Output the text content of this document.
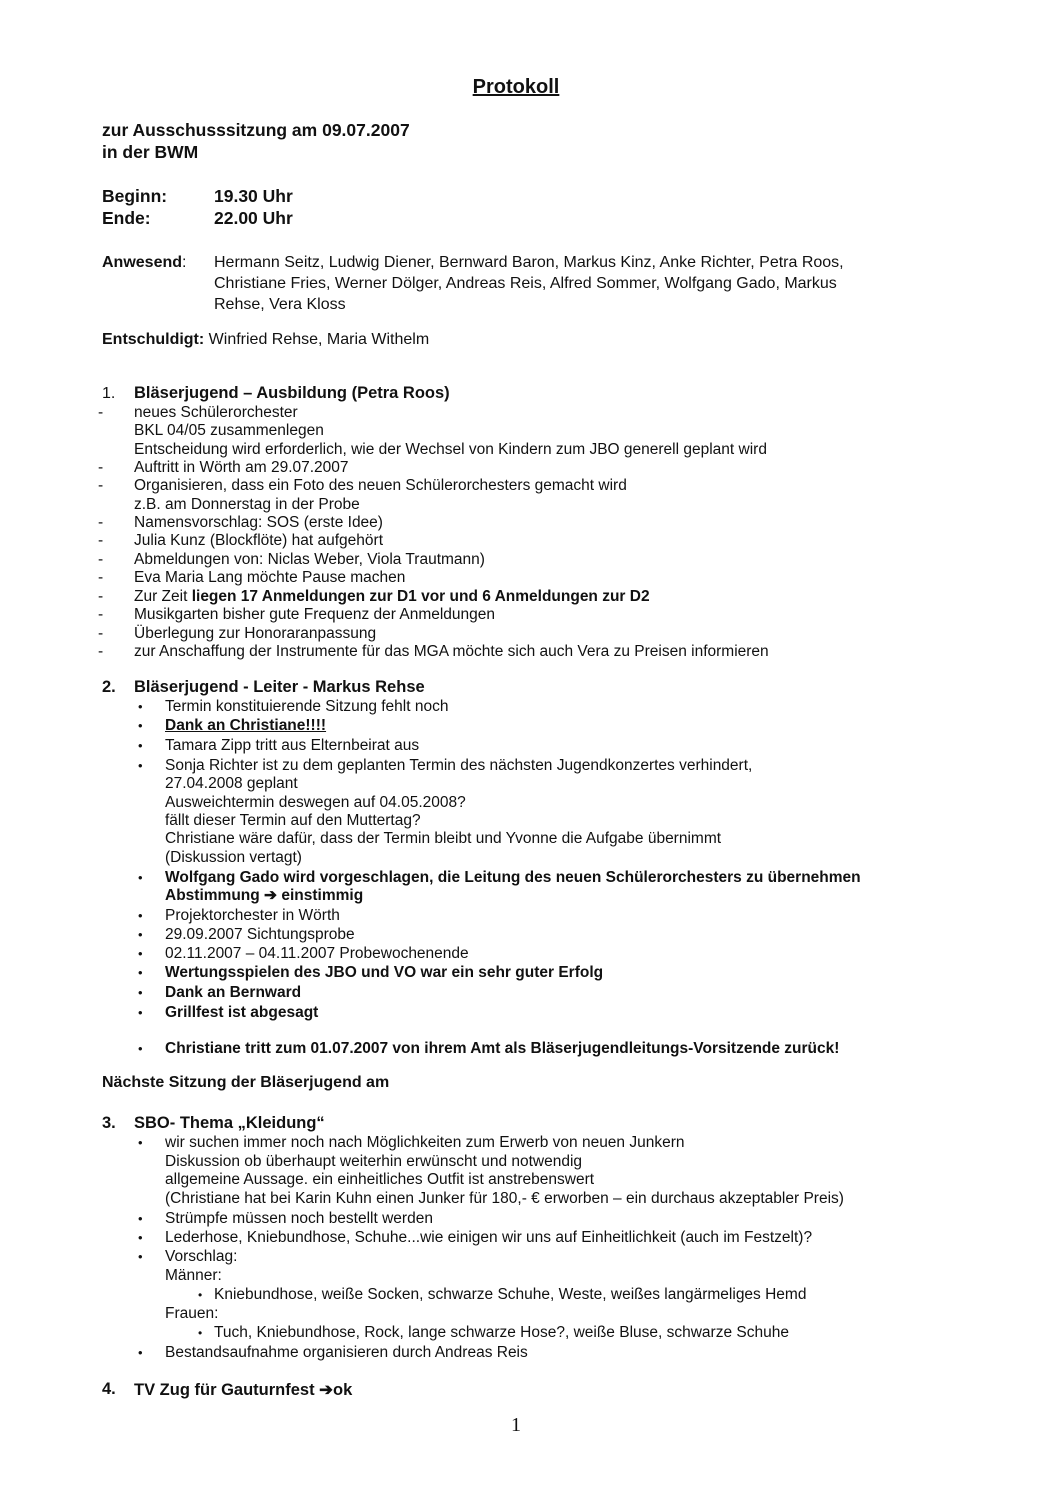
Protokoll
zur Ausschusssitzung am 09.07.2007
in der BWM
Beginn:	19.30 Uhr
Ende:	22.00 Uhr
Anwesend: Hermann Seitz, Ludwig Diener, Bernward Baron, Markus Kinz, Anke Richter, Petra Roos,
Christiane Fries, Werner Dölger, Andreas Reis, Alfred Sommer, Wolfgang Gado, Markus
Rehse, Vera Kloss
Entschuldigt: Winfried Rehse, Maria Withelm
1. Bläserjugend – Ausbildung (Petra Roos)
- neues Schülerorchester
BKL 04/05 zusammenlegen
Entscheidung wird erforderlich, wie der Wechsel von Kindern zum JBO generell geplant wird
- Auftritt in Wörth am 29.07.2007
- Organisieren, dass ein Foto des neuen Schülerorchesters gemacht wird
z.B. am Donnerstag in der Probe
- Namensvorschlag: SOS (erste Idee)
- Julia Kunz (Blockflöte) hat aufgehört
- Abmeldungen von: Niclas Weber, Viola Trautmann)
- Eva Maria Lang möchte Pause machen
- Zur Zeit liegen 17 Anmeldungen zur D1 vor und 6 Anmeldungen zur D2
- Musikgarten bisher gute Frequenz der Anmeldungen
- Überlegung zur Honoraranpassung
- zur Anschaffung der Instrumente für das MGA möchte sich auch Vera zu Preisen informieren
2. Bläserjugend - Leiter - Markus Rehse
• Termin konstituierende Sitzung fehlt noch
• Dank an Christiane!!!!
• Tamara Zipp tritt aus Elternbeirat aus
• Sonja Richter ist zu dem geplanten Termin des nächsten Jugendkonzertes verhindert,
27.04.2008 geplant
Ausweichtermin deswegen auf 04.05.2008?
fällt dieser Termin auf den Muttertag?
Christiane wäre dafür, dass der Termin bleibt und Yvonne die Aufgabe übernimmt
(Diskussion vertagt)
• Wolfgang Gado wird vorgeschlagen, die Leitung des neuen Schülerorchesters zu übernehmen
Abstimmung ➔ einstimmig
• Projektorchester in Wörth
• 29.09.2007 Sichtungsprobe
• 02.11.2007 – 04.11.2007 Probewochenende
• Wertungsspielen des JBO und VO war ein sehr guter Erfolg
• Dank an Bernward
• Grillfest ist abgesagt
• Christiane tritt zum 01.07.2007 von ihrem Amt als Bläserjugendleitungs-Vorsitzende zurück!
Nächste Sitzung der Bläserjugend am
3. SBO- Thema „Kleidung“
• wir suchen immer noch nach Möglichkeiten zum Erwerb von neuen Junkern
Diskussion ob überhaupt weiterhin erwünscht und notwendig
allgemeine Aussage. ein einheitliches Outfit ist anstrebenswert
(Christiane hat bei Karin Kuhn einen Junker für 180,- € erworben – ein durchaus akzeptabler Preis)
• Strümpfe müssen noch bestellt werden
• Lederhose, Kniebundhose, Schuhe...wie einigen wir uns auf Einheitlichkeit (auch im Festzelt)?
• Vorschlag:
Männer:
• Kniebundhose, weiße Socken, schwarze Schuhe, Weste, weißes langärmeliges Hemd
Frauen:
• Tuch, Kniebundhose, Rock, lange schwarze Hose?, weiße Bluse, schwarze Schuhe
• Bestandsaufnahme organisieren durch Andreas Reis
4. TV Zug für Gauturnfest ➔ok
1
